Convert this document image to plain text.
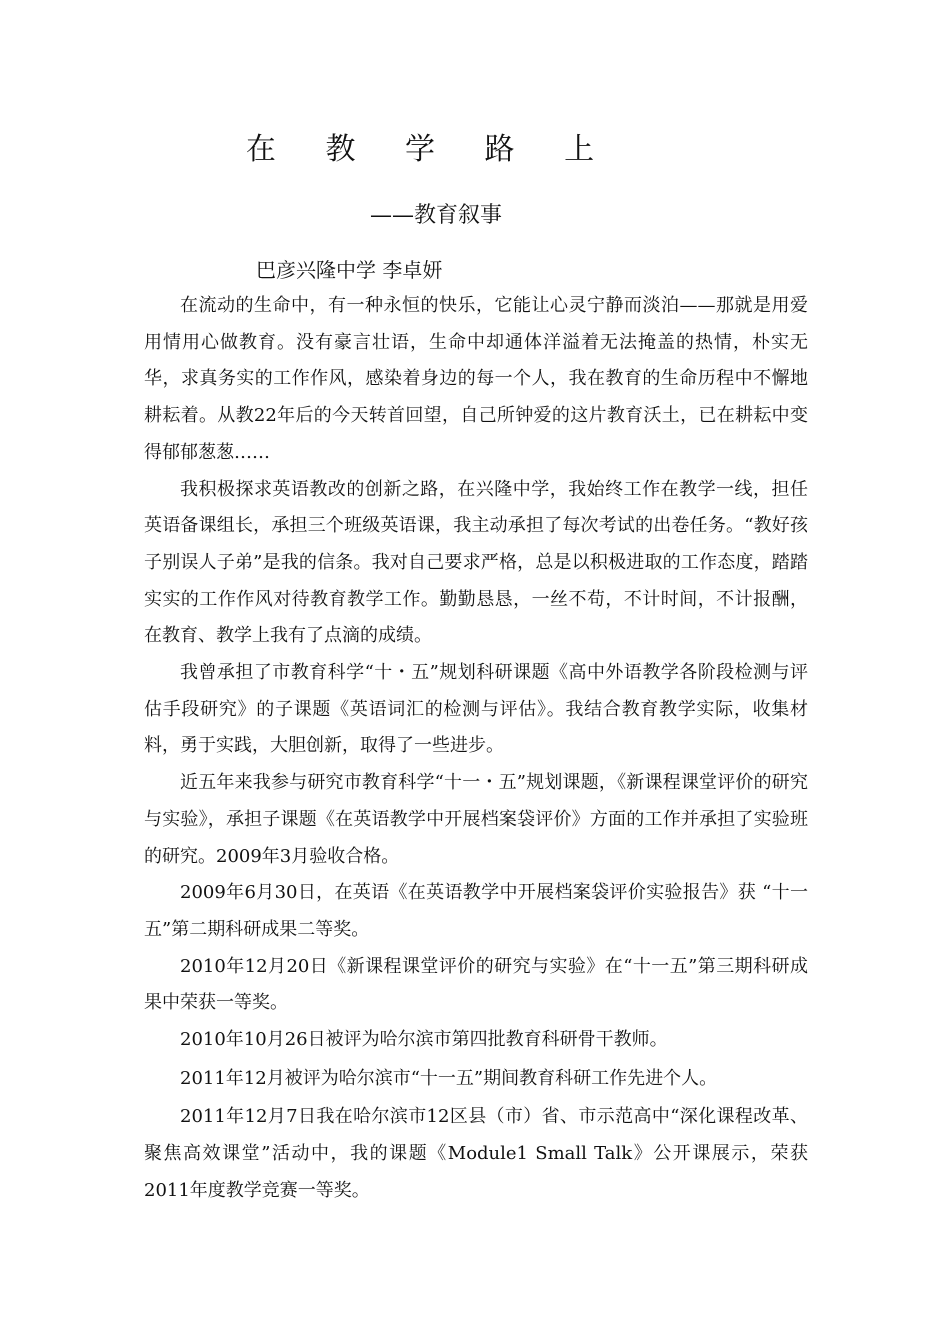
在 教 学 路 上
——教育叙事
巴彦兴隆中学 李卓妍

在流动的生命中，有一种永恒的快乐，它能让心灵宁静而淡泊——那就是用爱用情用心做教育。没有豪言壮语，生命中却通体洋溢着无法掩盖的热情，朴实无华，求真务实的工作作风，感染着身边的每一个人，我在教育的生命历程中不懈地耕耘着。从教22年后的今天转首回望，自己所钟爱的这片教育沃土，已在耕耘中变得郁郁葱葱……

我积极探求英语教改的创新之路，在兴隆中学，我始终工作在教学一线，担任英语备课组长，承担三个班级英语课，我主动承担了每次考试的出卷任务。“教好孩子别误人子弟”是我的信条。我对自己要求严格，总是以积极进取的工作态度，踏踏实实的工作作风对待教育教学工作。勤勤恳恳，一丝不苟，不计时间，不计报酬，在教育、教学上我有了点滴的成绩。

我曾承担了市教育科学“十・五”规划科研课题《高中外语教学各阶段检测与评估手段研究》的子课题《英语词汇的检测与评估》。我结合教育教学实际，收集材料，勇于实践，大胆创新，取得了一些进步。

近五年来我参与研究市教育科学“十一・五”规划课题，《新课程课堂评价的研究与实验》，承担子课题《在英语教学中开展档案袋评价》方面的工作并承担了实验班的研究。2009年3月验收合格。

2009年6月30日，在英语《在英语教学中开展档案袋评价实验报告》获 “十一五”第二期科研成果二等奖。

2010年12月20日《新课程课堂评价的研究与实验》在“十一五”第三期科研成果中荣获一等奖。

2010年10月26日被评为哈尔滨市第四批教育科研骨干教师。

2011年12月被评为哈尔滨市“十一五”期间教育科研工作先进个人。

2011年12月7日我在哈尔滨市12区县（市）省、市示范高中“深化课程改革、聚焦高效课堂”活动中，我的课题《Module1 Small Talk》公开课展示，荣获2011年度教学竞赛一等奖。
